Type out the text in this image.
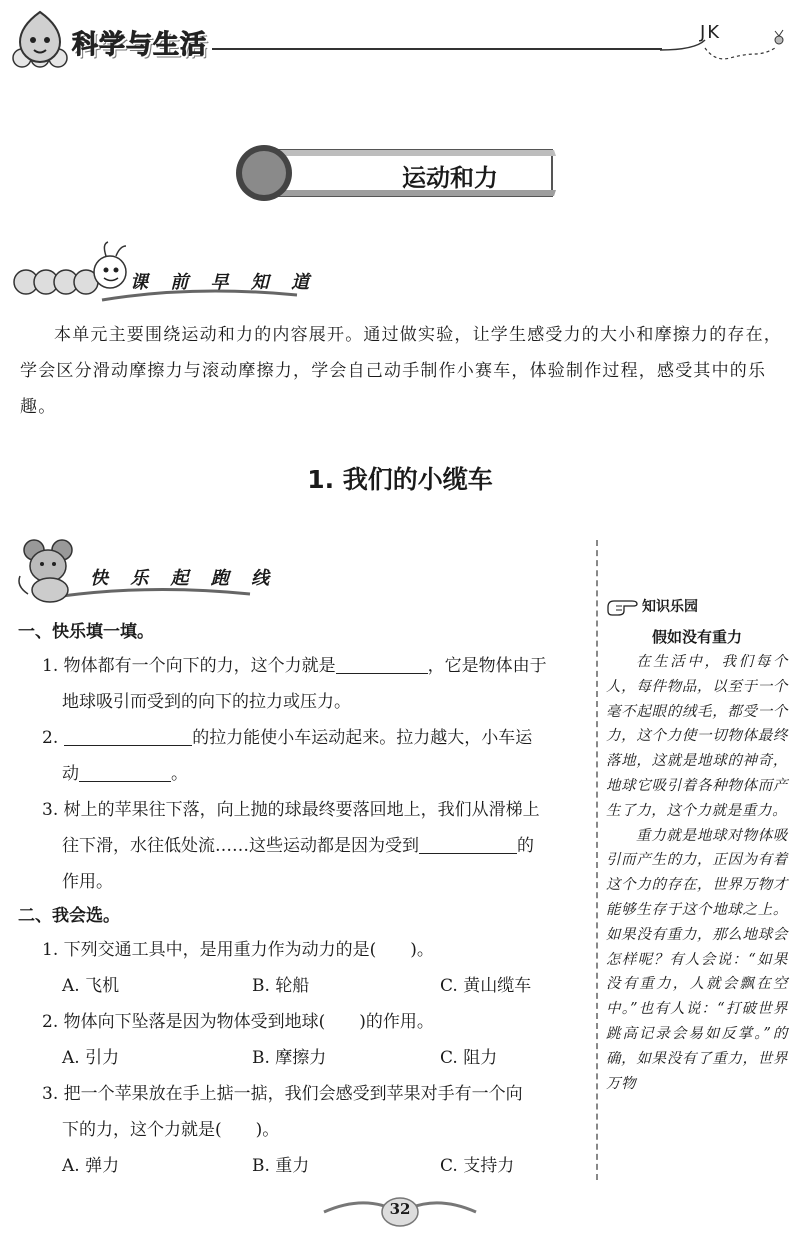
科学与生活	JK
运动和力
课 前 早 知 道
本单元主要围绕运动和力的内容展开。通过做实验，让学生感受力的大小和摩擦力的存在，学会区分滑动摩擦力与滚动摩擦力，学会自己动手制作小赛车，体验制作过程，感受其中的乐趣。
1. 我们的小缆车
快 乐 起 跑 线
一、快乐填一填。
1. 物体都有一个向下的力，这个力就是	，它是物体由于
地球吸引而受到的向下的拉力或压力。
2.	的拉力能使小车运动起来。拉力越大，小车运
动	。
3. 树上的苹果往下落，向上抛的球最终要落回地上，我们从滑梯上
往下滑，水往低处流……这些运动都是因为受到	的
作用。
二、我会选。
1. 下列交通工具中，是用重力作为动力的是(　　)。
A. 飞机	B. 轮船	C. 黄山缆车
2. 物体向下坠落是因为物体受到地球(　　)的作用。
A. 引力	B. 摩擦力	C. 阻力
3. 把一个苹果放在手上掂一掂，我们会感受到苹果对手有一个向
下的力，这个力就是(　　)。
A. 弹力	B. 重力	C. 支持力
知识乐园
假如没有重力

在生活中，我们每个人，每件物品，以至于一个毫不起眼的绒毛，都受一个力，这个力使一切物体最终落地，这就是地球的神奇，地球它吸引着各种物体而产生了力，这个力就是重力。

重力就是地球对物体吸引而产生的力，正因为有着这个力的存在，世界万物才能够生存于这个地球之上。如果没有重力，那么地球会怎样呢？有人会说：“如果没有重力，人就会飘在空中。”也有人说：“打破世界跳高记录会易如反掌。”的确，如果没有了重力，世界万物

32
